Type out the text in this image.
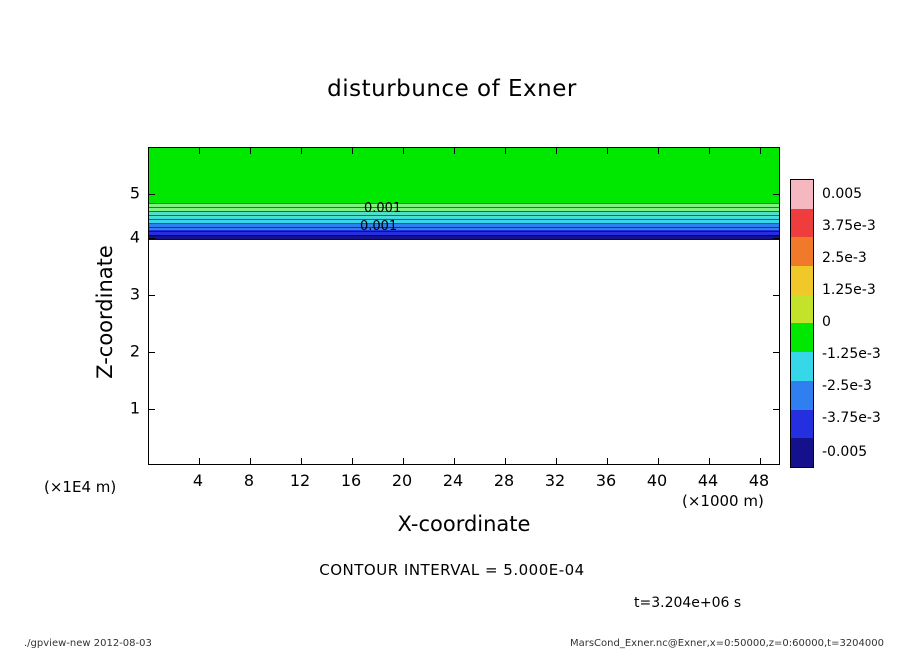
disturbunce of Exner
0.001
0.001
4	8 12 16 20 24 28 32 36 40 44 48
1
2
3
4
5
X-coordinate
Z-coordinate
(×1E4 m)
(×1000 m)
0.005
3.75e-3
2.5e-3
1.25e-3
0
-1.25e-3
-2.5e-3
-3.75e-3
-0.005
CONTOUR INTERVAL = 5.000E-04
t=3.204e+06 s
./gpview-new 2012-08-03	MarsCond_Exner.nc@Exner,x=0:50000,z=0:60000,t=3204000
